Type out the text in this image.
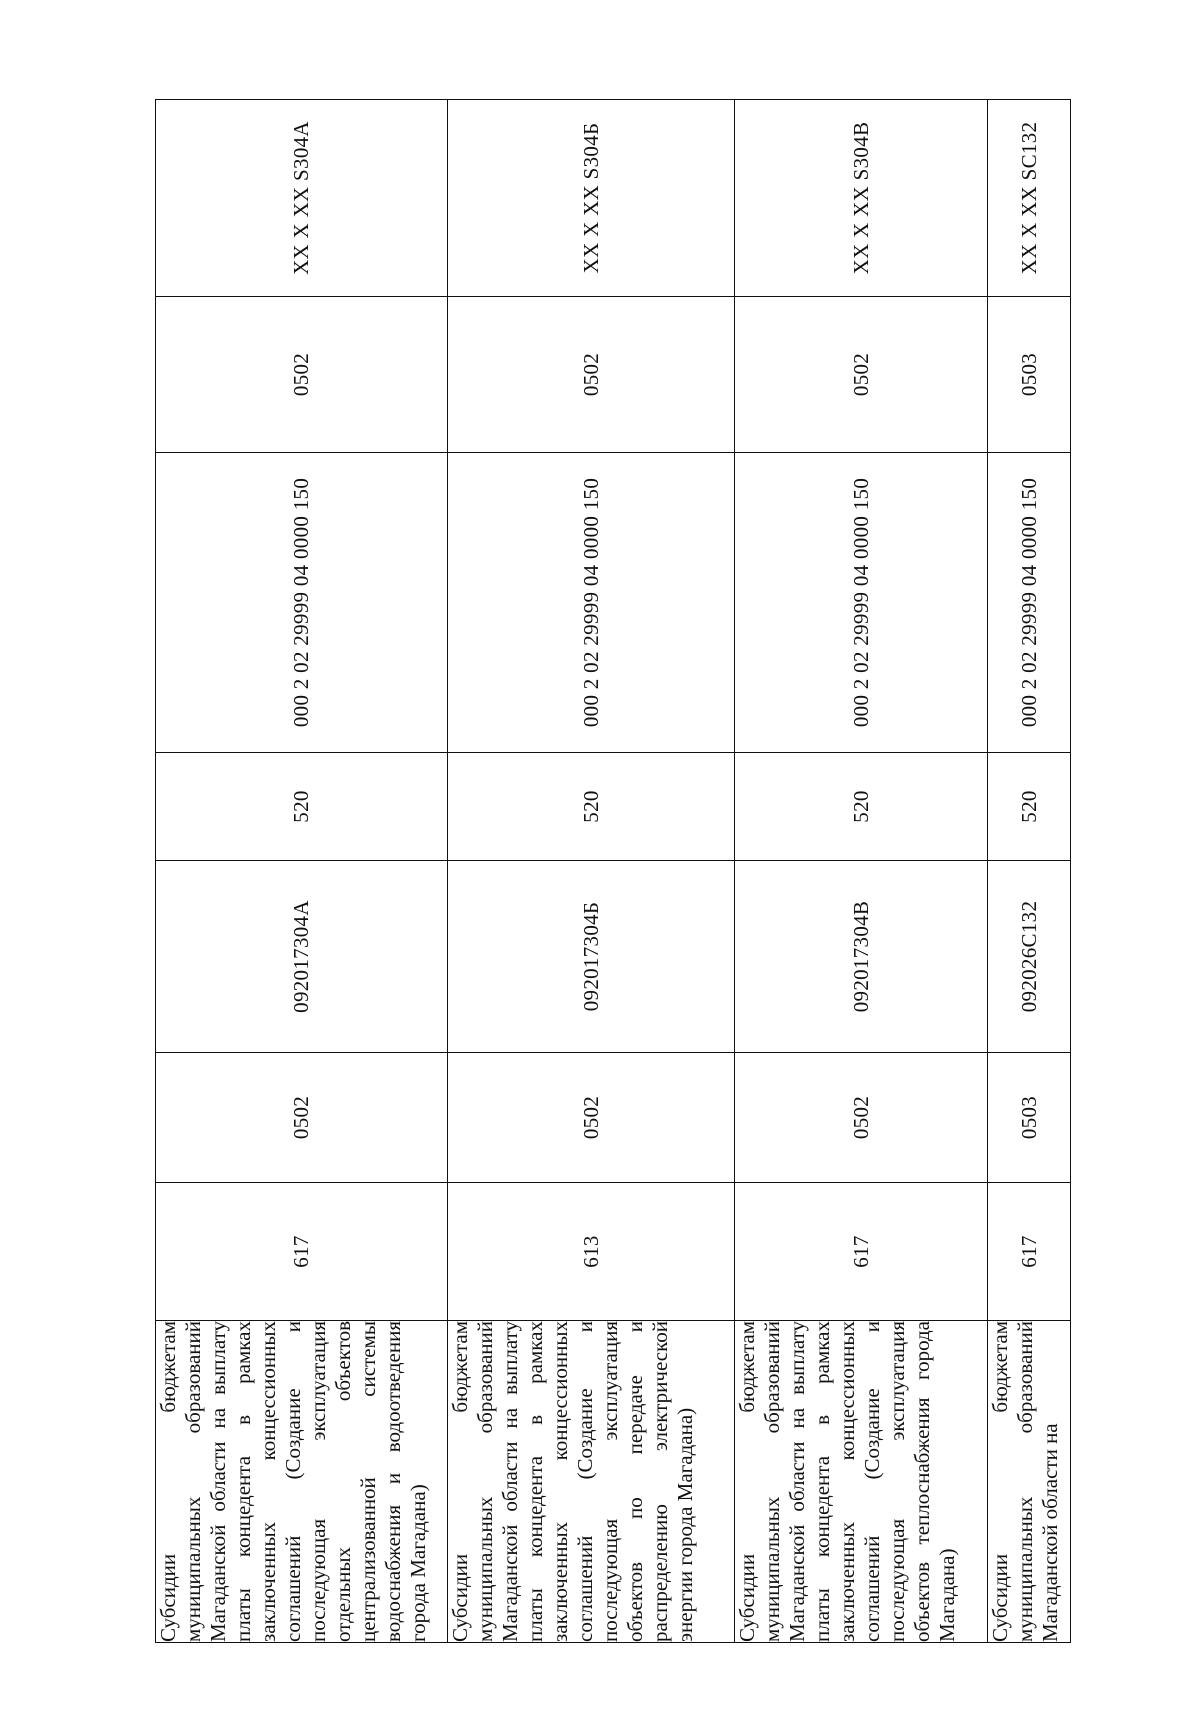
Субсидии бюджетам муниципальных образований Магаданской области на выплату платы концедента в рамках заключенных концессионных соглашений (Создание и последующая эксплуатация отдельных объектов централизованной системы водоснабжения и водоотведения города Магадана)	617	0502	092017304А	520	000 2 02 29999 04 0000 150	0502	XX X XX S304A
Субсидии бюджетам муниципальных образований Магаданской области на выплату платы концедента в рамках заключенных концессионных соглашений (Создание и последующая эксплуатация объектов по передаче и распределению электрической энергии города Магадана)	613	0502	092017304Б	520	000 2 02 29999 04 0000 150	0502	XX X XX S304Б
Субсидии бюджетам муниципальных образований Магаданской области на выплату платы концедента в рамках заключенных концессионных соглашений (Создание и последующая эксплуатация объектов теплоснабжения города Магадана)	617	0502	092017304В	520	000 2 02 29999 04 0000 150	0502	XX X XX S304B
Субсидии бюджетам муниципальных образований Магаданской области на	617	0503	092026С132	520	000 2 02 29999 04 0000 150	0503	XX X XX SC132
